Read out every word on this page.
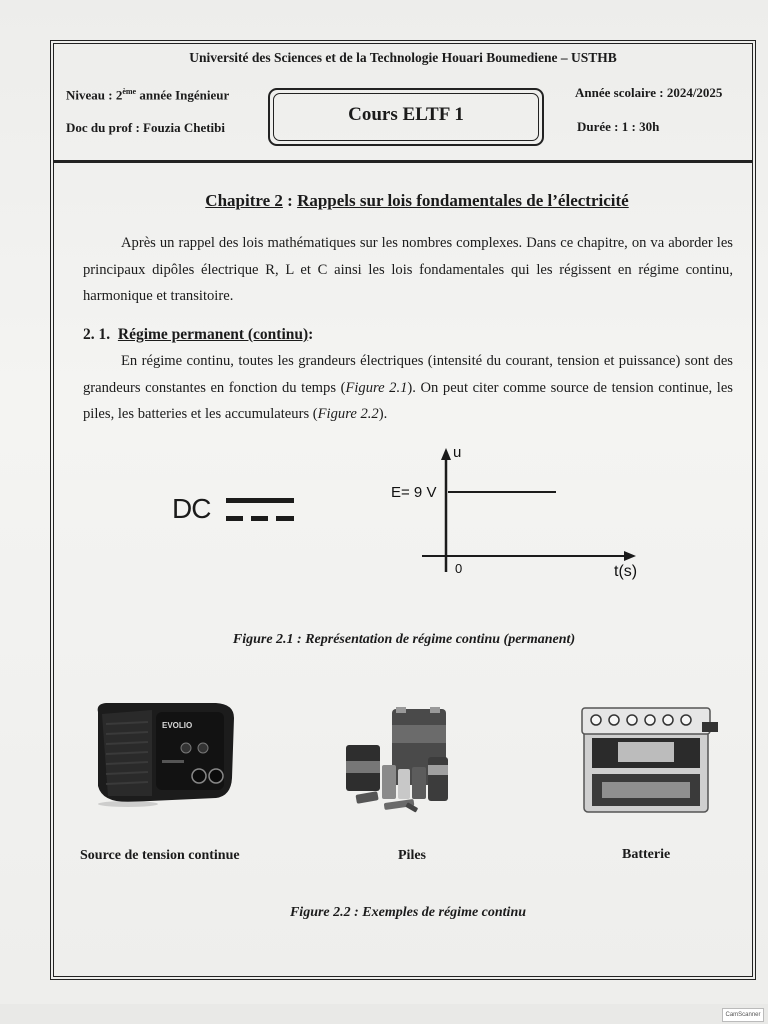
Université des Sciences et de la Technologie Houari Boumediene – USTHB
Niveau : 2ème année Ingénieur
Doc du prof : Fouzia Chetibi
Cours ELTF 1
Année scolaire : 2024/2025
Durée : 1 : 30h
Chapitre 2 : Rappels sur lois fondamentales de l’électricité

Après un rappel des lois mathématiques sur les nombres complexes. Dans ce chapitre, on va aborder les principaux dipôles électrique R, L et C ainsi les lois fondamentales qui les régissent en régime continu, harmonique et transitoire.

2. 1. Régime permanent (continu):

En régime continu, toutes les grandeurs électriques (intensité du courant, tension et puissance) sont des grandeurs constantes en fonction du temps (Figure 2.1). On peut citer comme source de tension continue, les piles, les batteries et les accumulateurs (Figure 2.2).

DC
u
E= 9 V
0	t(s)
Figure 2.1 : Représentation de régime continu (permanent)
EVOLIO
Source de tension continue	Piles	Batterie
Figure 2.2 : Exemples de régime continu
CamScanner
